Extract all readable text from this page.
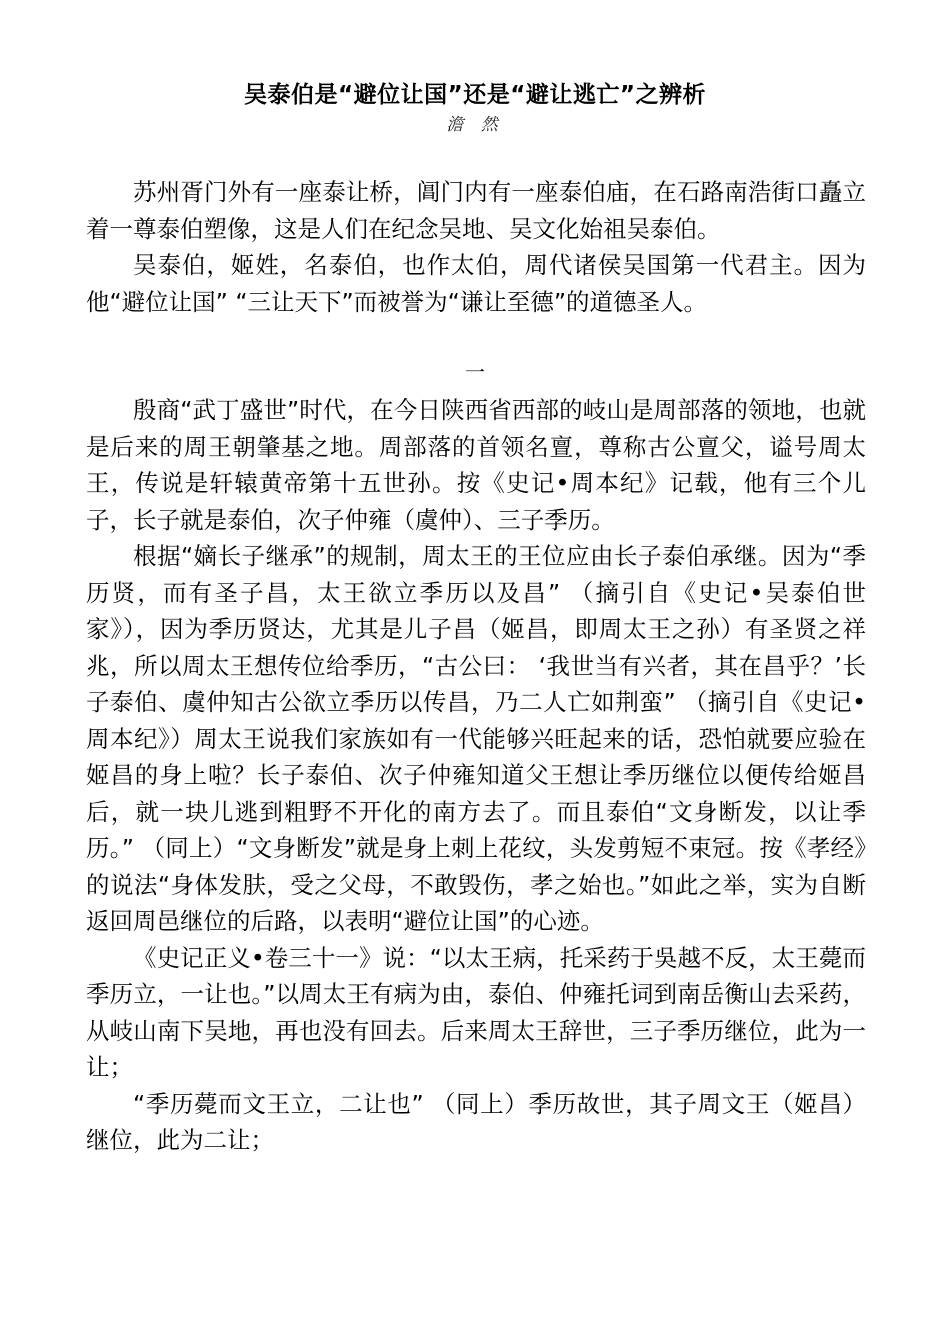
吴泰伯是“避位让国”还是“避让逃亡”之辨析
澹 然

苏州胥门外有一座泰让桥，阊门内有一座泰伯庙，在石路南浩街口矗立着一尊泰伯塑像，这是人们在纪念吴地、吴文化始祖吴泰伯。

吴泰伯，姬姓，名泰伯，也作太伯，周代诸侯吴国第一代君主。因为他“避位让国” “三让天下”而被誉为“谦让至德”的道德圣人。

一

殷商“武丁盛世”时代，在今日陕西省西部的岐山是周部落的领地，也就是后来的周王朝肇基之地。周部落的首领名亶，尊称古公亶父，谥号周太王，传说是轩辕黄帝第十五世孙。按《史记•周本纪》记载，他有三个儿子，长子就是泰伯，次子仲雍（虞仲）、三子季历。

根据“嫡长子继承”的规制，周太王的王位应由长子泰伯承继。因为“季历贤，而有圣子昌，太王欲立季历以及昌” （摘引自《史记•吴泰伯世家》），因为季历贤达，尤其是儿子昌（姬昌，即周太王之孙）有圣贤之祥兆，所以周太王想传位给季历，“古公曰： ‘我世当有兴者，其在昌乎？’长子泰伯、虞仲知古公欲立季历以传昌，乃二人亡如荆蛮” （摘引自《史记•周本纪》）周太王说我们家族如有一代能够兴旺起来的话，恐怕就要应验在姬昌的身上啦？长子泰伯、次子仲雍知道父王想让季历继位以便传给姬昌后，就一块儿逃到粗野不开化的南方去了。而且泰伯“文身断发，以让季历。” （同上）“文身断发”就是身上刺上花纹，头发剪短不束冠。按《孝经》的说法“身体发肤，受之父母，不敢毁伤，孝之始也。”如此之举，实为自断返回周邑继位的后路，以表明“避位让国”的心迹。

《史记正义•卷三十一》说：“以太王病，托采药于吳越不反，太王薨而季历立，一让也。”以周太王有病为由，泰伯、仲雍托词到南岳衡山去采药，从岐山南下吴地，再也没有回去。后来周太王辞世，三子季历继位，此为一让；

“季历薨而文王立，二让也” （同上）季历故世，其子周文王（姬昌）继位，此为二让；
